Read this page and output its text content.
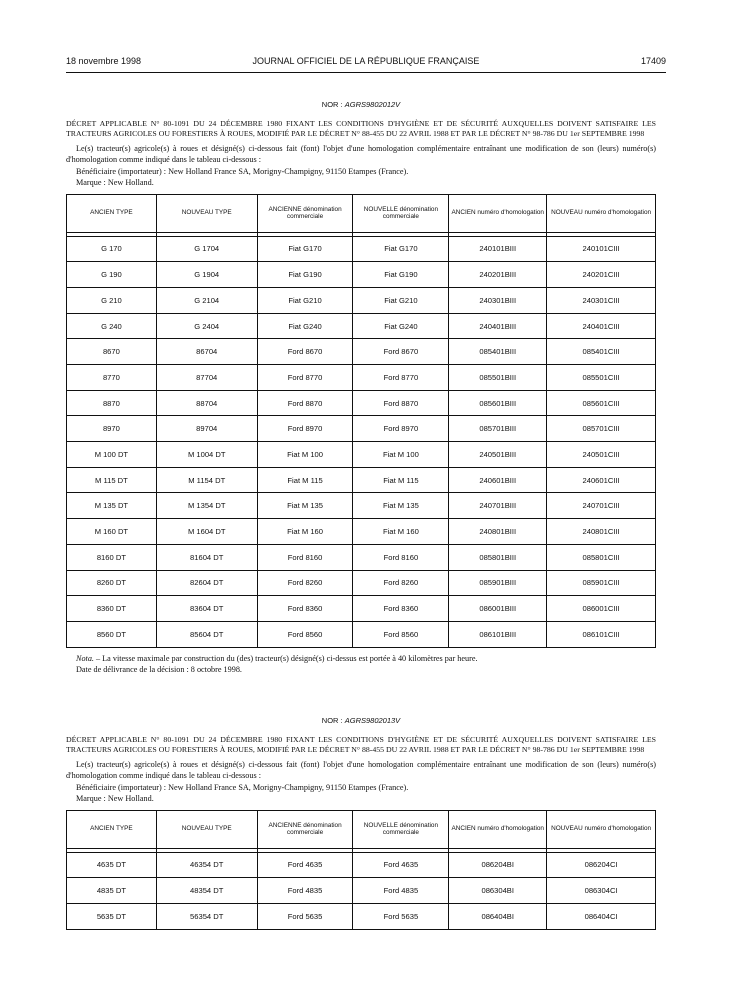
18 novembre 1998	JOURNAL OFFICIEL DE LA RÉPUBLIQUE FRANÇAISE	17409
NOR : AGRS9802012V
DÉCRET APPLICABLE N° 80-1091 DU 24 DÉCEMBRE 1980 FIXANT LES CONDITIONS D'HYGIÈNE ET DE SÉCURITÉ AUXQUELLES DOIVENT SATISFAIRE LES TRACTEURS AGRICOLES OU FORESTIERS À ROUES, MODIFIÉ PAR LE DÉCRET N° 88-455 DU 22 AVRIL 1988 ET PAR LE DÉCRET N° 98-786 DU 1er SEPTEMBRE 1998
Le(s) tracteur(s) agricole(s) à roues et désigné(s) ci-dessous fait (font) l'objet d'une homologation complémentaire entraînant une modification de son (leurs) numéro(s) d'homologation comme indiqué dans le tableau ci-dessous :
Bénéficiaire (importateur) : New Holland France SA, Morigny-Champigny, 91150 Etampes (France).
Marque : New Holland.
ANCIEN TYPE	NOUVEAU TYPE	ANCIENNE dénomination commerciale	NOUVELLE dénomination commerciale	ANCIEN numéro d'homologation	NOUVEAU numéro d'homologation

G 170	G 1704	Fiat G170	Fiat G170	240101BIII	240101CIII
G 190	G 1904	Fiat G190	Fiat G190	240201BIII	240201CIII
G 210	G 2104	Fiat G210	Fiat G210	240301BIII	240301CIII
G 240	G 2404	Fiat G240	Fiat G240	240401BIII	240401CIII
8670	86704	Ford 8670	Ford 8670	085401BIII	085401CIII
8770	87704	Ford 8770	Ford 8770	085501BIII	085501CIII
8870	88704	Ford 8870	Ford 8870	085601BIII	085601CIII
8970	89704	Ford 8970	Ford 8970	085701BIII	085701CIII
M 100 DT	M 1004 DT	Fiat M 100	Fiat M 100	240501BIII	240501CIII
M 115 DT	M 1154 DT	Fiat M 115	Fiat M 115	240601BIII	240601CIII
M 135 DT	M 1354 DT	Fiat M 135	Fiat M 135	240701BIII	240701CIII
M 160 DT	M 1604 DT	Fiat M 160	Fiat M 160	240801BIII	240801CIII
8160 DT	81604 DT	Ford 8160	Ford 8160	085801BIII	085801CIII
8260 DT	82604 DT	Ford 8260	Ford 8260	085901BIII	085901CIII
8360 DT	83604 DT	Ford 8360	Ford 8360	086001BIII	086001CIII
8560 DT	85604 DT	Ford 8560	Ford 8560	086101BIII	086101CIII
Nota. – La vitesse maximale par construction du (des) tracteur(s) désigné(s) ci-dessus est portée à 40 kilomètres par heure.
Date de délivrance de la décision : 8 octobre 1998.
NOR : AGRS9802013V
DÉCRET APPLICABLE N° 80-1091 DU 24 DÉCEMBRE 1980 FIXANT LES CONDITIONS D'HYGIÈNE ET DE SÉCURITÉ AUXQUELLES DOIVENT SATISFAIRE LES TRACTEURS AGRICOLES OU FORESTIERS À ROUES, MODIFIÉ PAR LE DÉCRET N° 88-455 DU 22 AVRIL 1988 ET PAR LE DÉCRET N° 98-786 DU 1er SEPTEMBRE 1998
Le(s) tracteur(s) agricole(s) à roues et désigné(s) ci-dessous fait (font) l'objet d'une homologation complémentaire entraînant une modification de son (leurs) numéro(s) d'homologation comme indiqué dans le tableau ci-dessous :
Bénéficiaire (importateur) : New Holland France SA, Morigny-Champigny, 91150 Etampes (France).
Marque : New Holland.
ANCIEN TYPE	NOUVEAU TYPE	ANCIENNE dénomination commerciale	NOUVELLE dénomination commerciale	ANCIEN numéro d'homologation	NOUVEAU numéro d'homologation

4635 DT	46354 DT	Ford 4635	Ford 4635	086204BI	086204CI
4835 DT	48354 DT	Ford 4835	Ford 4835	086304BI	086304CI
5635 DT	56354 DT	Ford 5635	Ford 5635	086404BI	086404CI
